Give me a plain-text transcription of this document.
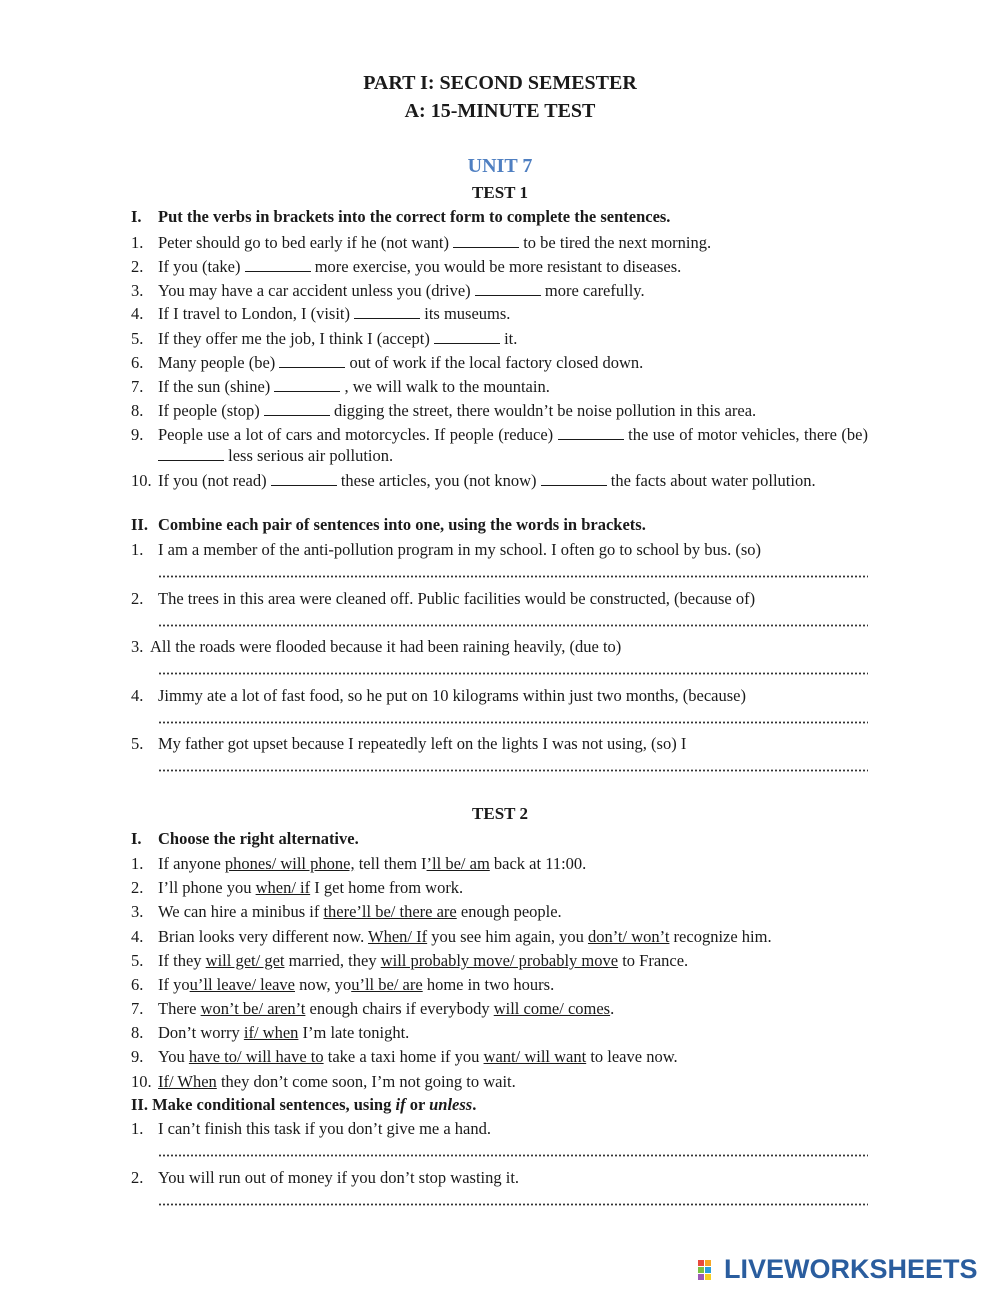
PART I: SECOND SEMESTER
A: 15-MINUTE TEST
UNIT 7
TEST 1
I. Put the verbs in brackets into the correct form to complete the sentences.
1. Peter should go to bed early if he (not want)	to be tired the next morning.
2. If you (take)	more exercise, you would be more resistant to diseases.
3. You may have a car accident unless you (drive)	more carefully.
4. If I travel to London, I (visit)	its museums.
5. If they offer me the job, I think I (accept)	it.
6. Many people (be)	out of work if the local factory closed down.
7. If the sun (shine)	, we will walk to the mountain.
8. If people (stop)	digging the street, there wouldn’t be noise pollution in this area.
9. People use a lot of cars and motorcycles. If people (reduce)	the use of motor vehicles, there (be)  less serious air pollution.
10. If you (not read)	these articles, you (not know)	the facts about water pollution.
II. Combine each pair of sentences into one, using the words in brackets.
1. I am a member of the anti-pollution program in my school. I often go to school by bus. (so)
2. The trees in this area were cleaned off. Public facilities would be constructed, (because of)
3. All the roads were flooded because it had been raining heavily, (due to)
4. Jimmy ate a lot of fast food, so he put on 10 kilograms within just two months, (because)
5. My father got upset because I repeatedly left on the lights I was not using, (so) I
TEST 2
I. Choose the right alternative.
1. If anyone phones/ will phone, tell them I’ll be/ am back at 11:00.
2. I’ll phone you when/ if I get home from work.
3. We can hire a minibus if there’ll be/ there are enough people.
4. Brian looks very different now. When/ If you see him again, you don’t/ won’t recognize him.
5. If they will get/ get married, they will probably move/ probably move to France.
6. If you’ll leave/ leave now, you’ll be/ are home in two hours.
7. There won’t be/ aren’t enough chairs if everybody will come/ comes.
8. Don’t worry if/ when I’m late tonight.
9. You have to/ will have to take a taxi home if you want/ will want to leave now.
10. If/ When they don’t come soon, I’m not going to wait.
II. Make conditional sentences, using if or unless.
1. I can’t finish this task if you don’t give me a hand.
2. You will run out of money if you don’t stop wasting it.
LIVEWORKSHEETS
